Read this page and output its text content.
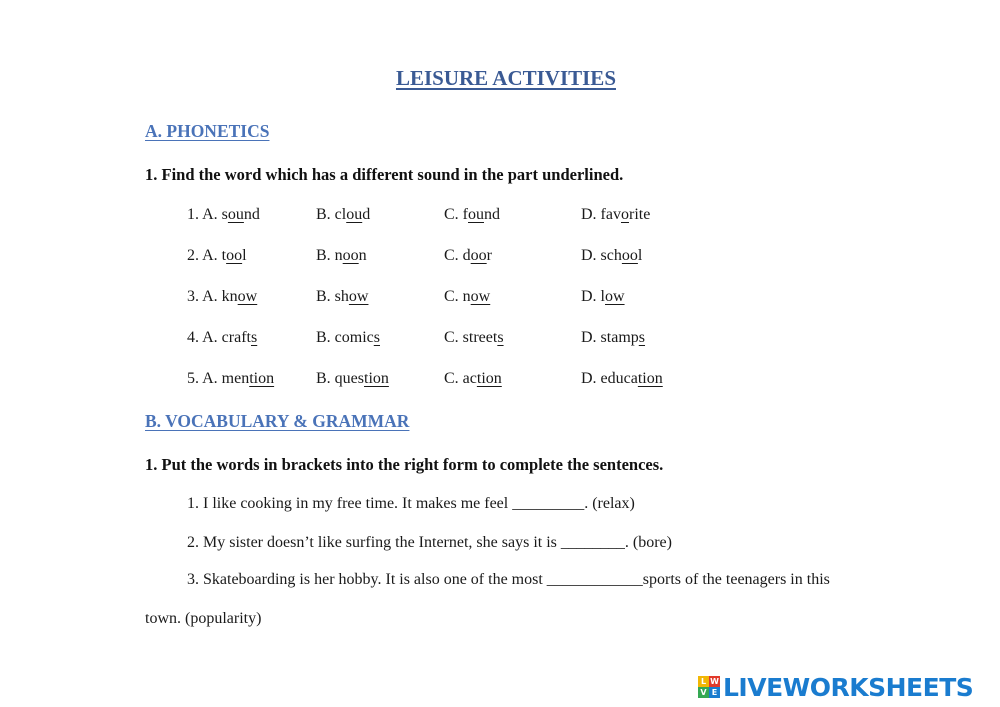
LEISURE ACTIVITIES
A. PHONETICS
1. Find the word which has a different sound in the part underlined.
1. A. sound	B. cloud	C. found	D. favorite
2. A. tool	B. noon	C. door	D. school
3. A. know	B. show	C. now	D. low
4. A. crafts	B. comics	C. streets	D. stamps
5. A. mention	B. question	C. action	D. education
B. VOCABULARY & GRAMMAR
1. Put the words in brackets into the right form to complete the sentences.
1. I like cooking in my free time. It makes me feel _________. (relax)
2. My sister doesn’t like surfing the Internet, she says it is ________. (bore)
3. Skateboarding is her hobby. It is also one of the most ____________sports of the teenagers in this
town. (popularity)
L W
V E LIVEWORKSHEETS
